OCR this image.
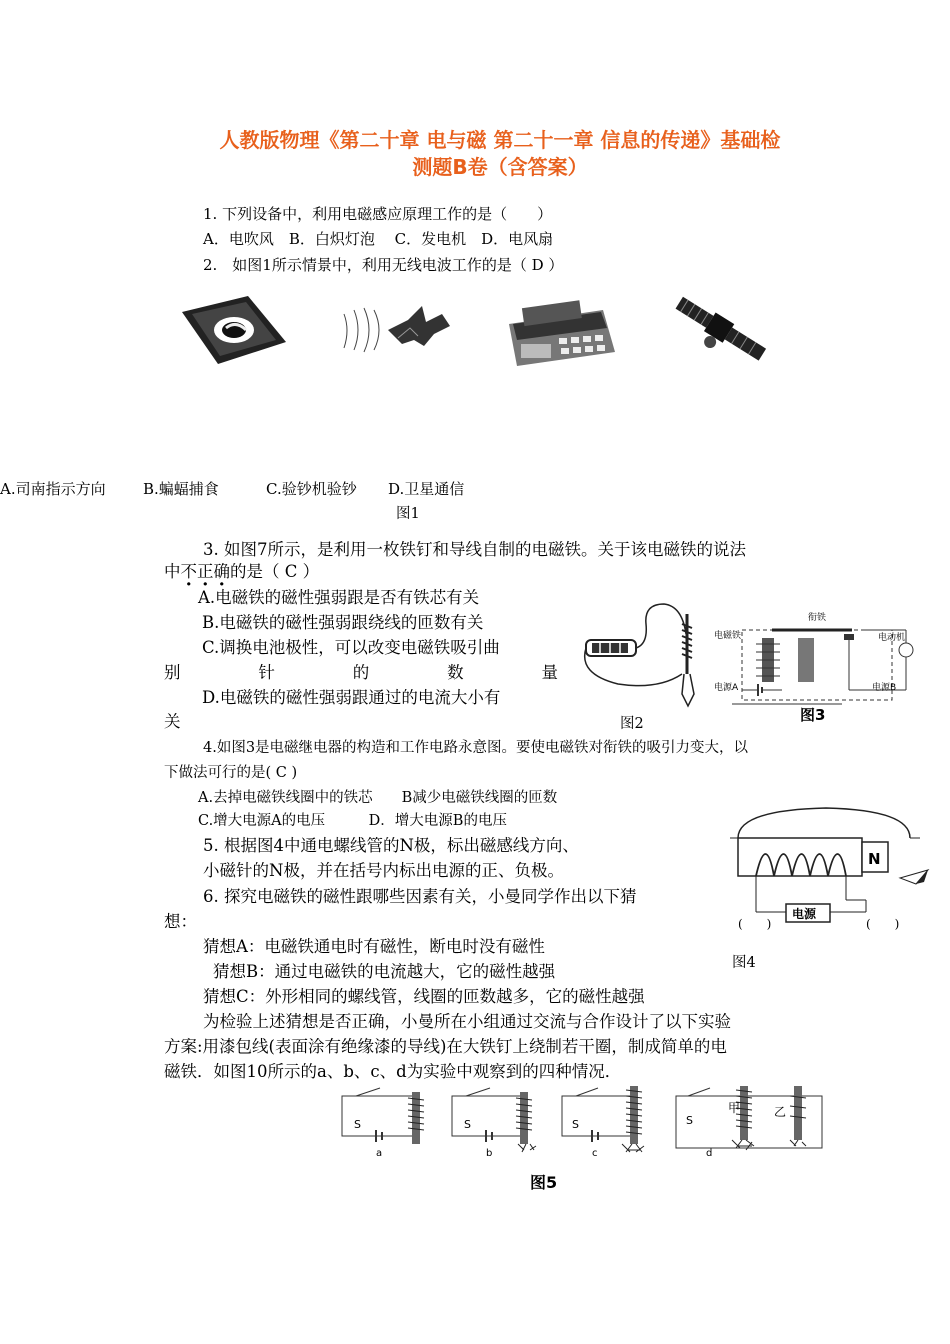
人教版物理《第二十章 电与磁 第二十一章 信息的传递》基础检
测题B卷（含答案）
1. 下列设备中，利用电磁感应原理工作的是（　　）
A．电吹风　B．白炽灯泡　 C．发电机　D．电风扇
2.　如图1所示情景中，利用无线电波工作的是（ D ）
A.司南指示方向 B.蝙蝠捕食	C.验钞机验钞 D.卫星通信
图1
3. 如图7所示，是利用一枚铁钉和导线自制的电磁铁。关于该电磁铁的说法
中不正确的是（ C ）
A.电磁铁的磁性强弱跟是否有铁芯有关
B.电磁铁的磁性强弱跟绕线的匝数有关
C.调换电池极性，可以改变电磁铁吸引曲
别	针	的	数	量
D.电磁铁的磁性强弱跟通过的电流大小有
关	图2
衔铁
电磁铁	电动机
电源A	电源B
图3
4.如图3是电磁继电器的构造和工作电路永意图。要使电磁铁对衔铁的吸引力变大，以
下做法可行的是( C )
A.去掉电磁铁线圈中的铁芯　　B减少电磁铁线圈的匝数
C.增大电源A的电压　　　D．增大电源B的电压
5. 根据图4中通电螺线管的N极，标出磁感线方向、
小磁针的N极，并在括号内标出电源的正、负极。
N
电源
(　　)	(　　)
图4
6. 探究电磁铁的磁性跟哪些因素有关，小曼同学作出以下猜
想：
猜想A：电磁铁通电时有磁性，断电时没有磁性
猜想B：通过电磁铁的电流越大，它的磁性越强
猜想C：外形相同的螺线管，线圈的匝数越多，它的磁性越强
为检验上述猜想是否正确，小曼所在小组通过交流与合作设计了以下实验
方案:用漆包线(表面涂有绝缘漆的导线)在大铁钉上绕制若干圈，制成简单的电
磁铁．如图10所示的a、b、c、d为实验中观察到的四种情况．
S
a
S
b
S
c
S
甲	乙
d
图5
